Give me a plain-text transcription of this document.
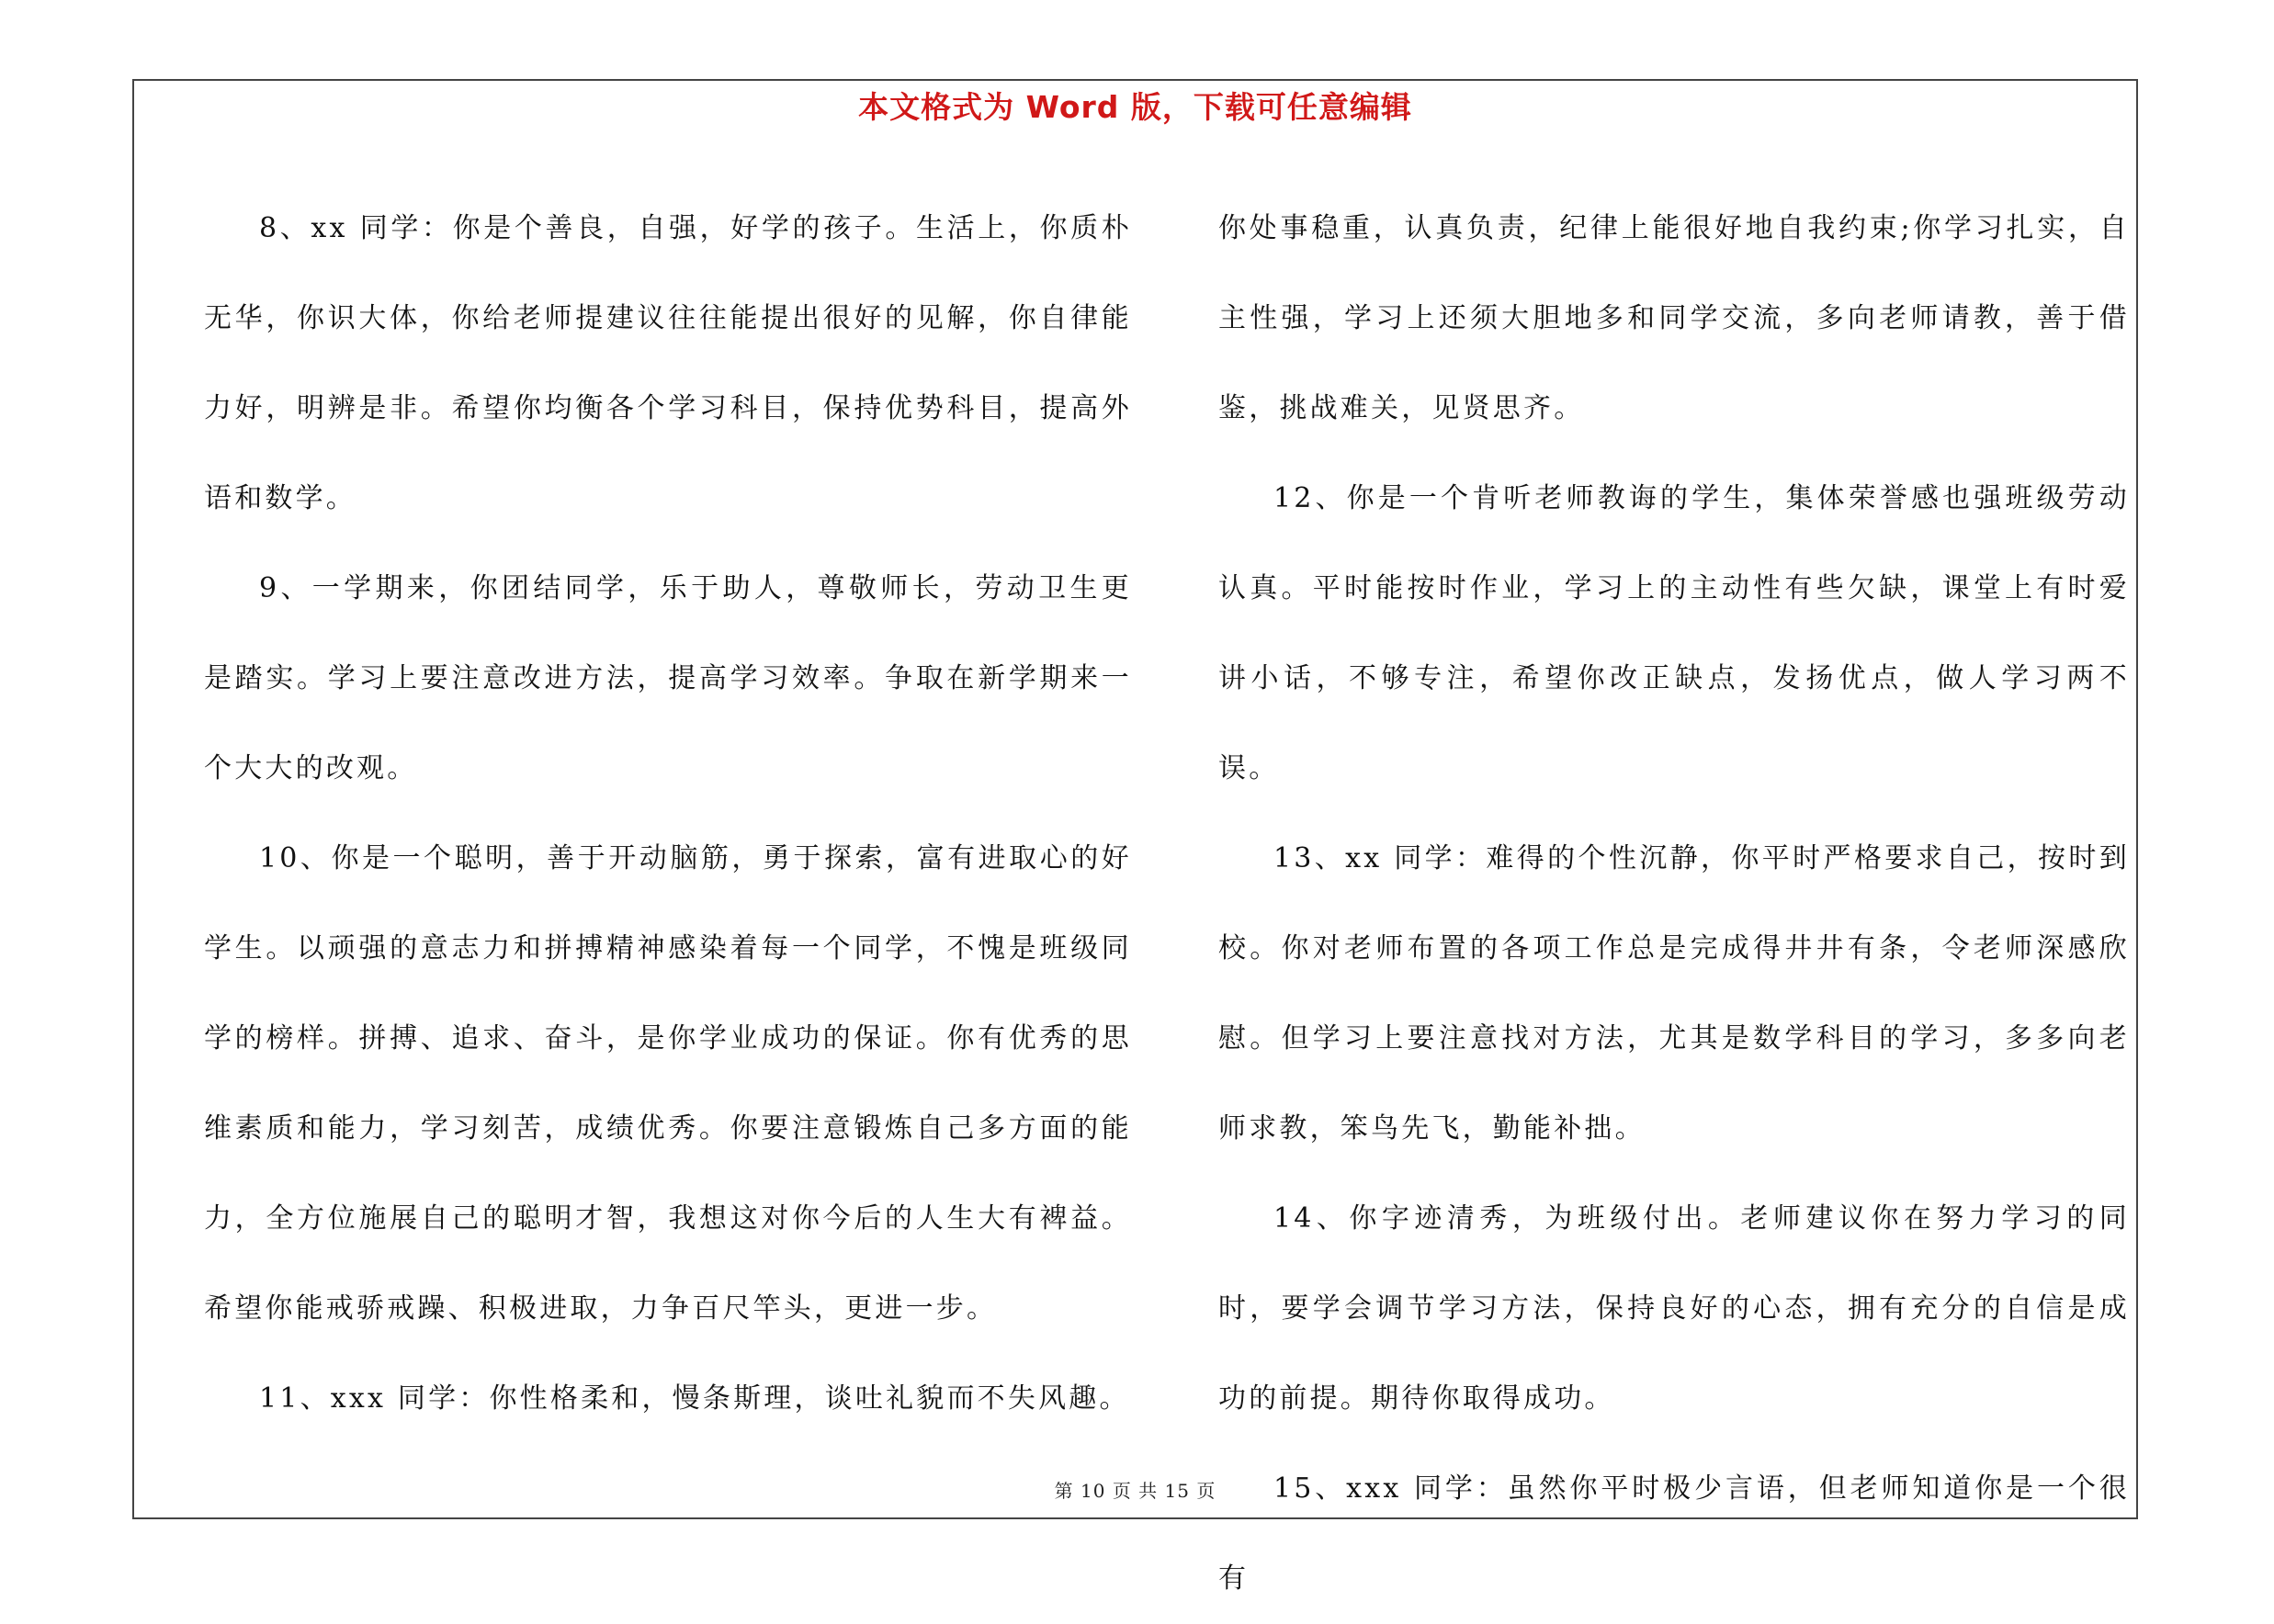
本文格式为 Word 版，下载可任意编辑

8、xx 同学：你是个善良，自强，好学的孩子。生活上，你质朴无华，你识大体，你给老师提建议往往能提出很好的见解，你自律能力好，明辨是非。希望你均衡各个学习科目，保持优势科目，提高外语和数学。

9、一学期来，你团结同学，乐于助人，尊敬师长，劳动卫生更是踏实。学习上要注意改进方法，提高学习效率。争取在新学期来一个大大的改观。

10、你是一个聪明，善于开动脑筋，勇于探索，富有进取心的好学生。以顽强的意志力和拼搏精神感染着每一个同学，不愧是班级同学的榜样。拼搏、追求、奋斗，是你学业成功的保证。你有优秀的思维素质和能力，学习刻苦，成绩优秀。你要注意锻炼自己多方面的能力，全方位施展自己的聪明才智，我想这对你今后的人生大有裨益。希望你能戒骄戒躁、积极进取，力争百尺竿头，更进一步。

11、xxx 同学：你性格柔和，慢条斯理，谈吐礼貌而不失风趣。

你处事稳重，认真负责，纪律上能很好地自我约束;你学习扎实，自主性强，学习上还须大胆地多和同学交流，多向老师请教，善于借鉴，挑战难关，见贤思齐。

12、你是一个肯听老师教诲的学生，集体荣誉感也强班级劳动认真。平时能按时作业，学习上的主动性有些欠缺，课堂上有时爱讲小话，不够专注，希望你改正缺点，发扬优点，做人学习两不误。

13、xx 同学：难得的个性沉静，你平时严格要求自己，按时到校。你对老师布置的各项工作总是完成得井井有条，令老师深感欣慰。但学习上要注意找对方法，尤其是数学科目的学习，多多向老师求教，笨鸟先飞，勤能补拙。

14、你字迹清秀，为班级付出。老师建议你在努力学习的同时，要学会调节学习方法，保持良好的心态，拥有充分的自信是成功的前提。期待你取得成功。

15、xxx 同学：虽然你平时极少言语，但老师知道你是一个很有

第 10 页 共 15 页
